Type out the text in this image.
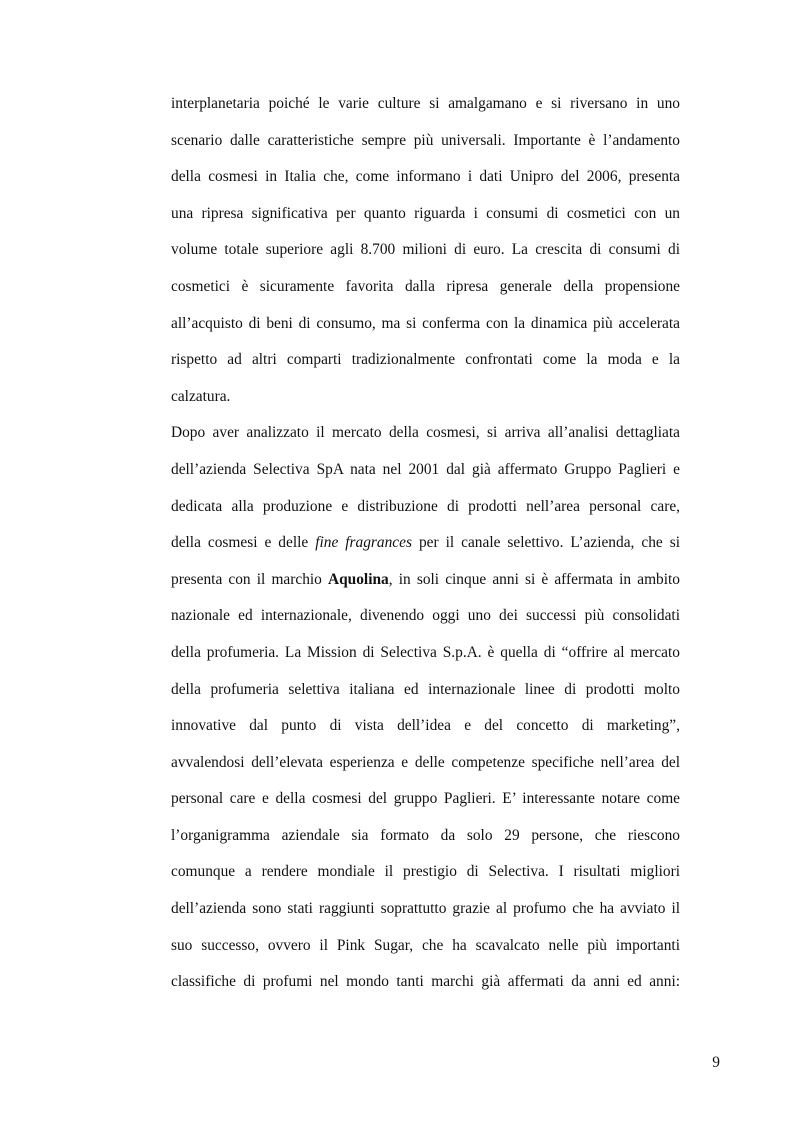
interplanetaria poiché le varie culture si amalgamano e si riversano in uno
scenario dalle caratteristiche sempre più universali. Importante è l’andamento
della cosmesi in Italia che, come informano i dati Unipro del 2006, presenta
una ripresa significativa per quanto riguarda i consumi di cosmetici con un
volume totale superiore agli 8.700 milioni di euro. La crescita di consumi di
cosmetici è sicuramente favorita dalla ripresa generale della propensione
all’acquisto di beni di consumo, ma si conferma con la dinamica più accelerata
rispetto ad altri comparti tradizionalmente confrontati come la moda e la
calzatura.
Dopo aver analizzato il mercato della cosmesi, si arriva all’analisi dettagliata
dell’azienda Selectiva SpA nata nel 2001 dal già affermato Gruppo Paglieri e
dedicata alla produzione e distribuzione di prodotti nell’area personal care,
della cosmesi e delle fine fragrances per il canale selettivo. L’azienda, che si
presenta con il marchio Aquolina, in soli cinque anni si è affermata in ambito
nazionale ed internazionale, divenendo oggi uno dei successi più consolidati
della profumeria. La Mission di Selectiva S.p.A. è quella di “offrire al mercato
della profumeria selettiva italiana ed internazionale linee di prodotti molto
innovative dal punto di vista dell’idea e del concetto di marketing”,
avvalendosi dell’elevata esperienza e delle competenze specifiche nell’area del
personal care e della cosmesi del gruppo Paglieri. E’ interessante notare come
l’organigramma aziendale sia formato da solo 29 persone, che riescono
comunque a rendere mondiale il prestigio di Selectiva. I risultati migliori
dell’azienda sono stati raggiunti soprattutto grazie al profumo che ha avviato il
suo successo, ovvero il Pink Sugar, che ha scavalcato nelle più importanti
classifiche di profumi nel mondo tanti marchi già affermati da anni ed anni:
9
